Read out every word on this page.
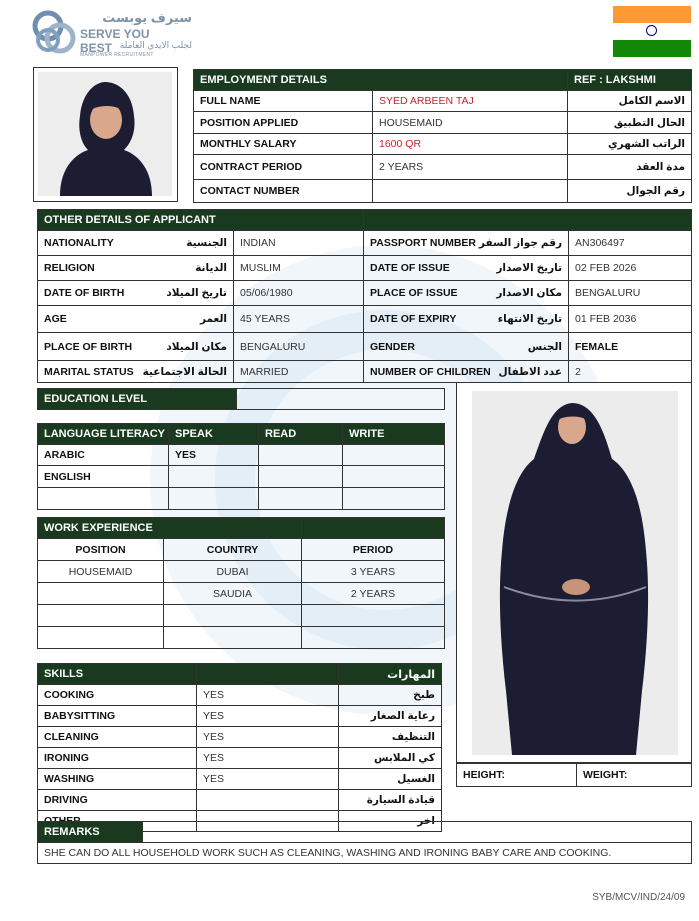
سيرف يوبست
SERVE YOU BEST لجلب الايدي العاملة
MANPOWER RECRUITMENT
EMPLOYMENT DETAILS		REF : LAKSHMI
FULL NAME	SYED ARBEEN TAJ	الاسم الكامل
POSITION APPLIED	HOUSEMAID	الحال التطبيق
MONTHLY SALARY	1600 QR	الراتب الشهري
CONTRACT PERIOD	2 YEARS	مدة العقد
CONTACT NUMBER		رقم الجوال
OTHER DETAILS OF APPLICANT			

NATIONALITY الجنسية	INDIAN	PASSPORT NUMBER رقم جواز السفر	AN306497

RELIGION الديانة	MUSLIM	DATE OF ISSUE تاريخ الاصدار	02 FEB 2026

DATE OF BIRTH تاريخ الميلاد	05/06/1980	PLACE OF ISSUE مكان الاصدار	BENGALURU

AGE العمر	45 YEARS	DATE OF EXPIRY تاريخ الانتهاء	01 FEB 2036

PLACE OF BIRTH مكان الميلاد	BENGALURU	GENDER الجنس	FEMALE

MARITAL STATUS الحالة الاجتماعية	MARRIED	NUMBER OF CHILDREN عدد الاطفال	2
EDUCATION LEVEL	
LANGUAGE LITERACY	SPEAK	READ	WRITE
ARABIC	YES		
ENGLISH			

WORK EXPERIENCE		
POSITION	COUNTRY	PERIOD
HOUSEMAID	DUBAI	3 YEARS
	SAUDIA	2 YEARS

SKILLS		المهارات
COOKING	YES	طبخ
BABYSITTING	YES	رعاية الصغار
CLEANING	YES	التنظيف
IRONING	YES	كي الملابس
WASHING	YES	الغسيل
DRIVING		قيادة السيارة
		اخر
HEIGHT:	WEIGHT:
REMARKS	
SHE CAN DO ALL HOUSEHOLD WORK SUCH AS CLEANING, WASHING AND IRONING BABY CARE AND COOKING.
SYB/MCV/IND/24/09
